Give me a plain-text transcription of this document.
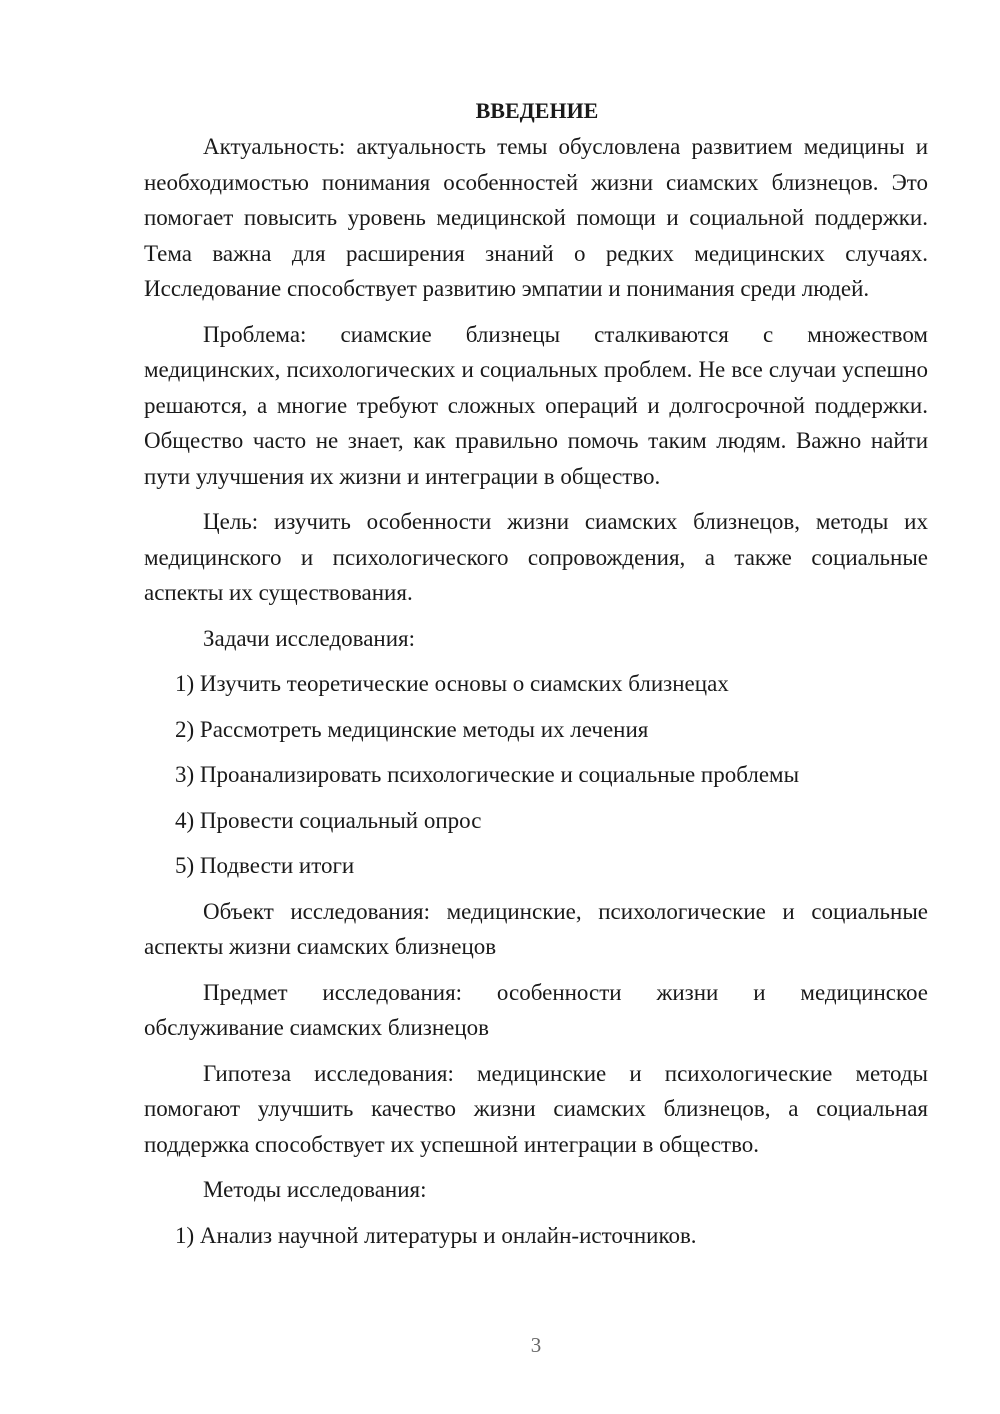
ВВЕДЕНИЕ

Актуальность: актуальность темы обусловлена развитием медицины и необходимостью понимания особенностей жизни сиамских близнецов. Это помогает повысить уровень медицинской помощи и социальной поддержки. Тема важна для расширения знаний о редких медицинских случаях. Исследование способствует развитию эмпатии и понимания среди людей.

Проблема: сиамские близнецы сталкиваются с множеством медицинских, психологических и социальных проблем. Не все случаи успешно решаются, а многие требуют сложных операций и долгосрочной поддержки. Общество часто не знает, как правильно помочь таким людям. Важно найти пути улучшения их жизни и интеграции в общество.

Цель: изучить особенности жизни сиамских близнецов, методы их медицинского и психологического сопровождения, а также социальные аспекты их существования.

Задачи исследования:

1) Изучить теоретические основы о сиамских близнецах

2) Рассмотреть медицинские методы их лечения

3) Проанализировать психологические и социальные проблемы

4) Провести социальный опрос

5) Подвести итоги

Объект исследования: медицинские, психологические и социальные аспекты жизни сиамских близнецов

Предмет исследования: особенности жизни и медицинское обслуживание сиамских близнецов

Гипотеза исследования: медицинские и психологические методы помогают улучшить качество жизни сиамских близнецов, а социальная поддержка способствует их успешной интеграции в общество.

Методы исследования:

1) Анализ научной литературы и онлайн-источников.

3
